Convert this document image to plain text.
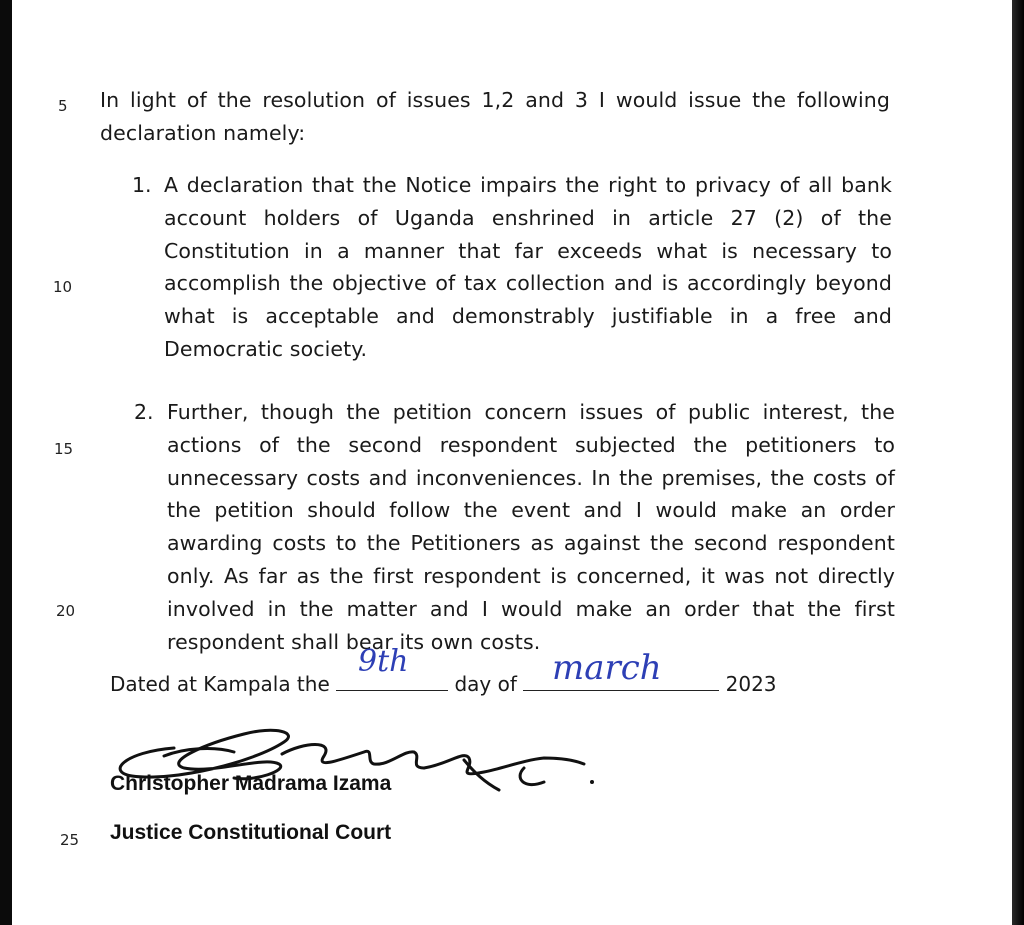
5
10
15
20
25
In light of the resolution of issues 1,2 and 3 I would issue the following declaration namely:
1. A declaration that the Notice impairs the right to privacy of all bank account holders of Uganda enshrined in article 27 (2) of the Constitution in a manner that far exceeds what is necessary to accomplish the objective of tax collection and is accordingly beyond what is acceptable and demonstrably justifiable in a free and Democratic society.
2. Further, though the petition concern issues of public interest, the actions of the second respondent subjected the petitioners to unnecessary costs and inconveniences. In the premises, the costs of the petition should follow the event and I would make an order awarding costs to the Petitioners as against the second respondent only. As far as the first respondent is concerned, it was not directly involved in the matter and I would make an order that the first respondent shall bear its own costs.
Dated at Kampala the	day of	2023
9th	march
Christopher Madrama Izama
Justice Constitutional Court
